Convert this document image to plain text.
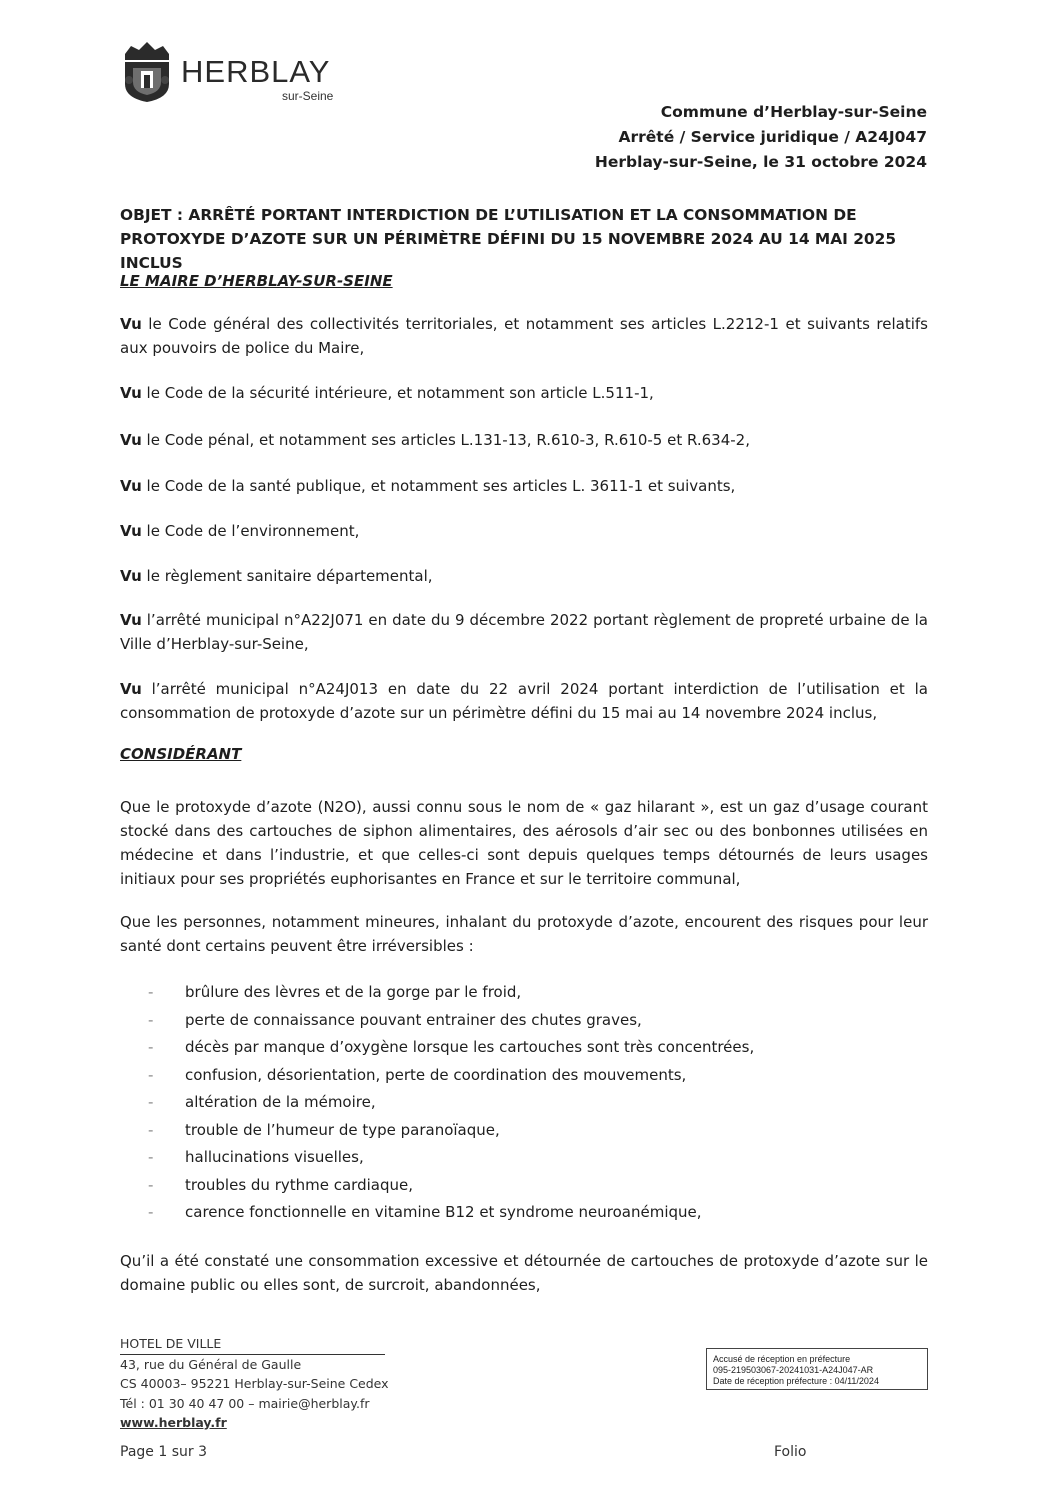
HERBLAY
sur-Seine
Commune d’Herblay-sur-Seine
Arrêté / Service juridique / A24J047
Herblay-sur-Seine, le 31 octobre 2024
OBJET : ARRÊTÉ PORTANT INTERDICTION DE L’UTILISATION ET LA CONSOMMATION DE PROTOXYDE D’AZOTE SUR UN PÉRIMÈTRE DÉFINI DU 15 NOVEMBRE 2024 AU 14 MAI 2025 INCLUS
LE MAIRE D’HERBLAY-SUR-SEINE
Vu le Code général des collectivités territoriales, et notamment ses articles L.2212-1 et suivants relatifs aux pouvoirs de police du Maire,
Vu le Code de la sécurité intérieure, et notamment son article L.511-1,
Vu le Code pénal, et notamment ses articles L.131-13, R.610-3, R.610-5 et R.634-2,
Vu le Code de la santé publique, et notamment ses articles L. 3611-1 et suivants,
Vu le Code de l’environnement,
Vu le règlement sanitaire départemental,
Vu l’arrêté municipal n°A22J071 en date du 9 décembre 2022 portant règlement de propreté urbaine de la Ville d’Herblay-sur-Seine,
Vu l’arrêté municipal n°A24J013 en date du 22 avril 2024 portant interdiction de l’utilisation et la consommation de protoxyde d’azote sur un périmètre défini du 15 mai au 14 novembre 2024 inclus,
CONSIDÉRANT
Que le protoxyde d’azote (N2O), aussi connu sous le nom de « gaz hilarant », est un gaz d’usage courant stocké dans des cartouches de siphon alimentaires, des aérosols d’air sec ou des bonbonnes utilisées en médecine et dans l’industrie, et que celles-ci sont depuis quelques temps détournés de leurs usages initiaux pour ses propriétés euphorisantes en France et sur le territoire communal,
Que les personnes, notamment mineures, inhalant du protoxyde d’azote, encourent des risques pour leur santé dont certains peuvent être irréversibles :
- brûlure des lèvres et de la gorge par le froid,
- perte de connaissance pouvant entrainer des chutes graves,
- décès par manque d’oxygène lorsque les cartouches sont très concentrées,
- confusion, désorientation, perte de coordination des mouvements,
- altération de la mémoire,
- trouble de l’humeur de type paranoïaque,
- hallucinations visuelles,
- troubles du rythme cardiaque,
- carence fonctionnelle en vitamine B12 et syndrome neuroanémique,
Qu’il a été constaté une consommation excessive et détournée de cartouches de protoxyde d’azote sur le domaine public ou elles sont, de surcroit, abandonnées,
HOTEL DE VILLE
43, rue du Général de Gaulle
CS 40003– 95221 Herblay-sur-Seine Cedex
Tél : 01 30 40 47 00 – mairie@herblay.fr
www.herblay.fr
Accusé de réception en préfecture
095-219503067-20241031-A24J047-AR
Date de réception préfecture : 04/11/2024
Page 1 sur 3	Folio
